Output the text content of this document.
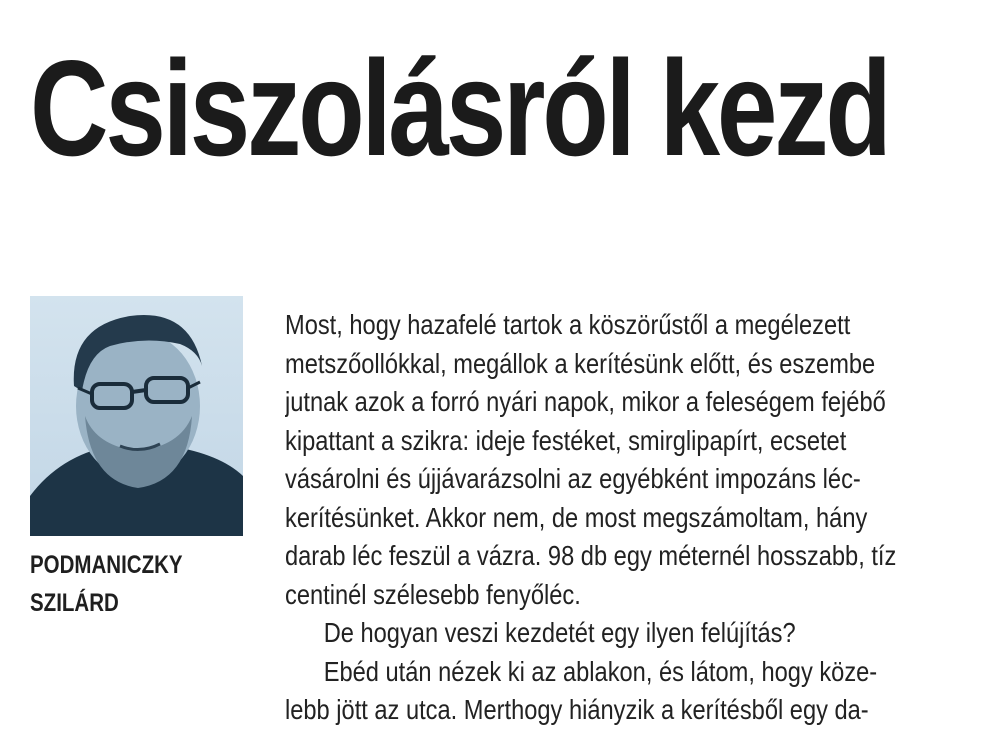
Csiszolásról kezd
PODMANICZKY
SZILÁRD
Most, hogy hazafelé tartok a köszörűstől a megélezett
metszőollókkal, megállok a kerítésünk előtt, és eszembe
jutnak azok a forró nyári napok, mikor a feleségem fejébő
kipattant a szikra: ideje festéket, smirglipapírt, ecsetet
vásárolni és újjávarázsolni az egyébként impozáns léc-
kerítésünket. Akkor nem, de most megszámoltam, hány
darab léc feszül a vázra. 98 db egy méternél hosszabb, tíz
centinél szélesebb fenyőléc.
De hogyan veszi kezdetét egy ilyen felújítás?
Ebéd után nézek ki az ablakon, és látom, hogy köze-
lebb jött az utca. Merthogy hiányzik a kerítésből egy da-
